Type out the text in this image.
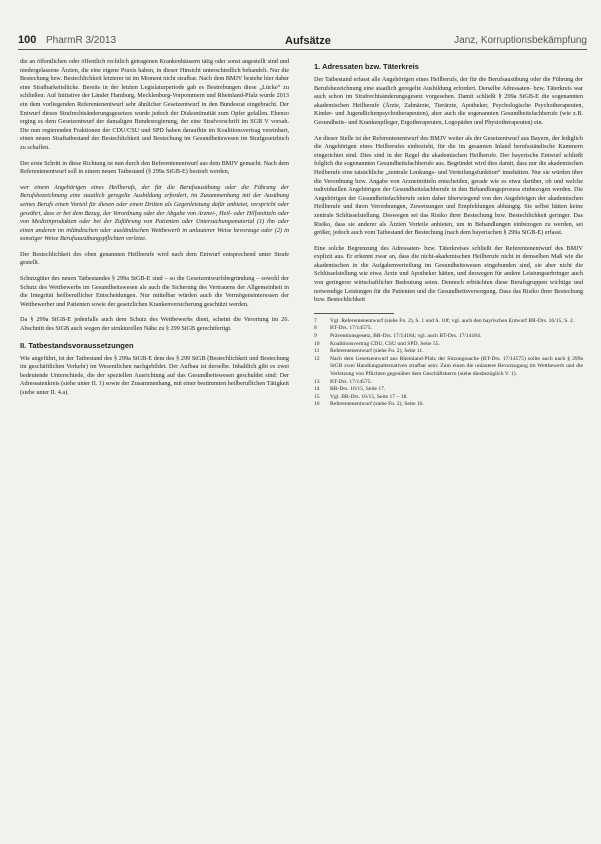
100 PharmR 3/2013	Aufsätze	Janz, Korruptionsbekämpfung

die an öffentlichen oder öffentlich rechtlich getragenen Krankenhäusern tätig oder sonst angestellt sind und niedergelassene Ärzten, die eine eigene Praxis haben, in dieser Hinsicht unterschiedlich behandelt. Nur die Bestechung bzw. Bestechlichkeit letzterer ist im Moment nicht strafbar. Nach dem BMJV bestehe hier daher eine Strafbarkeitslücke. Bereits in der letzten Legislaturperiode gab es Bestrebungen diese „Lücke“ zu schließen: Auf Initiative der Länder Hamburg, Mecklenburg-Vorpommern und Rheinland-Pfalz wurde 2013 ein dem vorliegenden Referentenentwurf sehr ähnlicher Gesetzentwurf in den Bundesrat eingebracht. Der Entwurf dieses Strafrechtsänderungsgesetzes wurde jedoch der Diskontinuität zum Opfer gefallen. Ebenso erging es dem Gesetzentwurf der damaligen Bundesregierung, der eine Strafvorschrift im SGB V vorsah. Die nun regierenden Fraktionen der CDU/CSU und SPD haben daraufhin im Koalitionsvertrag vereinbart, einen neuen Straftatbestand der Bestechlichkeit und Bestechung im Gesundheitswesen im Strafgesetzbuch zu schaffen.

Der erste Schritt in diese Richtung ist nun durch den Referentenentwurf aus dem BMJV gemacht. Nach dem Referentenentwurf soll in einem neuen Tatbestand (§ 299a StGB-E) bestraft werden,

wer einem Angehörigen eines Heilberufs, der für die Berufsausübung oder die Führung der Berufsbezeichnung eine staatlich geregelte Ausbildung erfordert, im Zusammenhang mit der Ausübung seines Berufs einen Vorteil für diesen oder einen Dritten als Gegenleistung dafür anbietet, verspricht oder gewährt, dass er bei dem Bezug, der Verordnung oder der Abgabe von Arznei-, Heil- oder Hilfsmitteln oder von Medizinprodukten oder bei der Zuführung von Patienten oder Untersuchungsmaterial (1) ihn oder einen anderen im inländischen oder ausländischen Wettbewerb in unlauterer Weise bevorzuge oder (2) in sonstiger Weise Berufsausübungspflichten verletze.

Der Bestechlichkeit des oben genannten Heilberufe wird nach dem Entwurf entsprechend unter Strafe gestellt.

Schutzgüter des neuen Tatbestandes § 299a StGB-E sind – so die Gesetzentwurfsbegründung – sowohl der Schutz des Wettbewerbs im Gesundheitswesen als auch die Sicherung des Vertrauens der Allgemeinheit in die Integrität heilberuflicher Entscheidungen. Nur mittelbar würden auch die Vermögensinteressen der Wettbewerber und Patienten sowie der gesetzlichen Krankenversicherung geschützt werden.

Da § 299a StGB-E jedenfalls auch dem Schutz des Wettbewerbs dient, scheint die Verortung im 26. Abschnitt des StGB auch wegen der strukturellen Nähe zu § 299 StGB gerechtfertigt.

II. Tatbestandsvoraussetzungen

Wie angeführt, ist der Tatbestand des § 299a StGB-E dem des § 299 StGB (Bestechlichkeit und Bestechung im geschäftlichen Verkehr) im Wesentlichen nachgebildet. Der Aufbau ist derselbe. Inhaltlich gibt es zwei bedeutende Unterschiede, die der speziellen Ausrichtung auf das Gesundheitswesen geschuldet sind: Der Adressatenkreis (siehe unter II. 1) sowie der Zusammenhang, mit einer bestimmten heilberuflichen Tätigkeit (siehe unter II. 4.a).

1. Adressaten bzw. Täterkreis

Der Tatbestand erfasst alle Angehörigen eines Heilberufs, der für die Berufsausübung oder die Führung der Berufsbezeichnung eine staatlich geregelte Ausbildung erfordert. Derselbe Adressaten- bzw. Täterkreis war auch schon im Strafrechtsänderungsgesetz vorgesehen. Damit schließt § 299a StGB-E die sogenannten akademischen Heilberufe (Ärzte, Zahnärzte, Tierärzte, Apotheker, Psychologische Psychotherapeuten, Kinder- und Jugendlichenpsychotherapeuten), aber auch die sogenannten Gesundheitsfachberufe (wie z.B. Gesundheits- und Krankenpfleger, Ergotherapeuten, Logopäden und Physiotherapeuten) ein.

An dieser Stelle ist der Referentenentwurf des BMJV weiter als der Gesetzentwurf aus Bayern, der lediglich die Angehörigen eines Heilberufes einbezieht, für die im gesamten Inland berufsständische Kammern eingerichtet sind. Dies sind in der Regel die akademischen Heilberufe. Der bayerische Entwurf schließt folglich die sogenannten Gesundheitsfachberufe aus. Begründet wird dies damit, dass nur die akademischen Heilberufe eine tatsächliche „zentrale Lenkungs- und Verteilungsfunktion“ innehätten. Nur sie würden über die Verordnung bzw. Angabe von Arzneimitteln entscheiden, gerade wie es etwa darüber, ob und welche individuellen Angehörigen der Gesundheitsfachberufe in den Behandlungsprozess einbezogen werden. Die Angehörigen der Gesundheitsfachberufe seien daher überwiegend von den Angehörigen der akademischen Heilberufe und ihren Verordnungen, Zuweisungen und Empfehlungen abhängig. Sie selbst hätten keine zentrale Schlüsselstellung. Deswegen sei das Risiko ihrer Bestechung bzw. Bestechlichkeit geringer. Das Risiko, dass sie anderer als Ärzten Vorteile anbieten, um in Behandlungen einbezogen zu werden, sei größer, jedoch auch vom Tatbestand der Bestechung (nach dem bayerischen § 299a StGB-E) erfasst.

Eine solche Begrenzung des Adressaten- bzw. Täterkreises schließt der Referentenentwurf des BMJV explizit aus. Er erkennt zwar an, dass die nicht-akademischen Heilberufe nicht in demselben Maß wie die akademischen in die Aufgabenverteilung im Gesundheitswesen eingebunden sind, sie aber nicht die Schlüsselstellung wie etwa Ärzte und Apotheker hätten, und deswegen für andere Leistungserbringer auch von geringerer wirtschaftlicher Bedeutung seien. Dennoch erbrächten diese Berufsgruppen wichtige und notwendige Leistungen für die Patienten und die Gesundheitsversorgung. Dass das Risiko ihrer Bestechung bzw. Bestechlichkeit

7	Vgl. Referentenentwurf (siehe Fn. 2), S. 1 und S. 10f; vgl. auch den bayrischen Entwurf BR-Drs. 16/15, S. 2.
8	BT-Drs. 17/14575.
9	Präventionsgesetz, BR-Drs. 17/14184; vgl. auch BT-Drs. 17/14184.
10	Koalitionsvertrag CDU, CSU und SPD, Seite 55.
11	Referentenentwurf (siehe Fn. 2), Seite 11.
12	Nach dem Gesetzentwurf aus Rheinland-Pfalz der Sitzungssache (BT-Drs. 17/14575) sollte auch nach § 299a StGB zwei Handlungsalternativen strafbar sein: Zum einen die unlautere Bevorzugung im Wettbewerb und die Verletzung von Pflichten gegenüber dem Geschäftsherrn (siehe diesbezüglich V. 1).
13	BT-Drs. 17/14575.
14	BR-Drs. 16/15, Seite 17.
15	Vgl. BR-Drs. 16/15, Seite 17 – 18.
16	Referentenentwurf (siehe Fn. 2), Seite 16.
